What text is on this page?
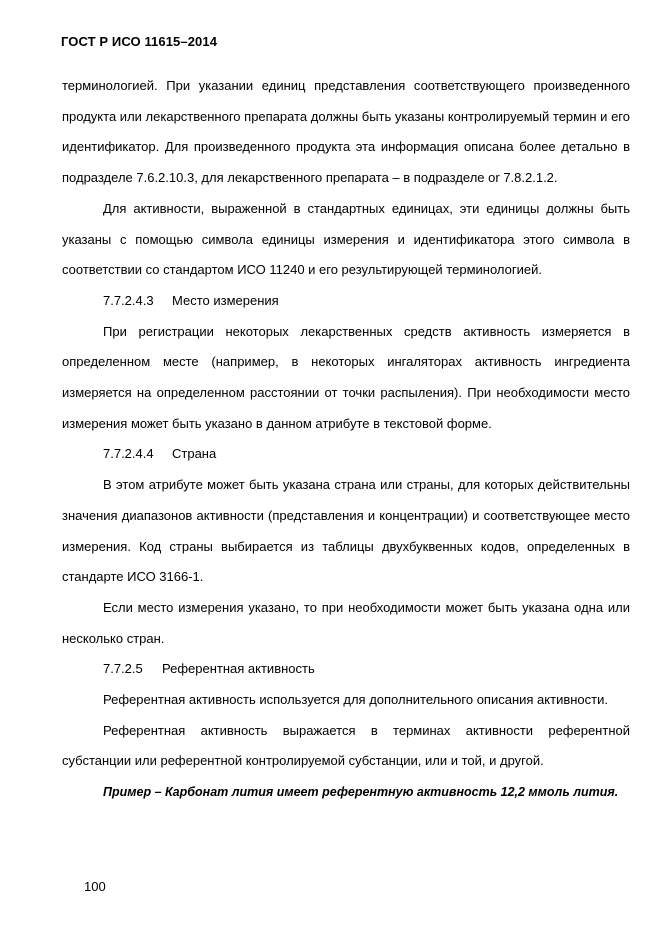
ГОСТ Р ИСО 11615–2014

терминологией. При указании единиц представления соответствующего произведенного продукта или лекарственного препарата должны быть указаны контролируемый термин и его идентификатор. Для произведенного продукта эта информация описана более детально в подразделе 7.6.2.10.3, для лекарственного препарата – в подразделе or 7.8.2.1.2.

Для активности, выраженной в стандартных единицах, эти единицы должны быть указаны с помощью символа единицы измерения и идентификатора этого символа в соответствии со стандартом ИСО 11240 и его результирующей терминологией.

7.7.2.4.3 Место измерения

При регистрации некоторых лекарственных средств активность измеряется в определенном месте (например, в некоторых ингаляторах активность ингредиента измеряется на определенном расстоянии от точки распыления). При необходимости место измерения может быть указано в данном атрибуте в текстовой форме.

7.7.2.4.4 Страна

В этом атрибуте может быть указана страна или страны, для которых действительны значения диапазонов активности (представления и концентрации) и соответствующее место измерения. Код страны выбирается из таблицы двухбуквенных кодов, определенных в стандарте ИСО 3166-1.

Если место измерения указано, то при необходимости может быть указана одна или несколько стран.

7.7.2.5 Референтная активность

Референтная активность используется для дополнительного описания активности.

Референтная активность выражается в терминах активности референтной субстанции или референтной контролируемой субстанции, или и той, и другой.

Пример – Карбонат лития имеет референтную активность 12,2 ммоль лития.

100
